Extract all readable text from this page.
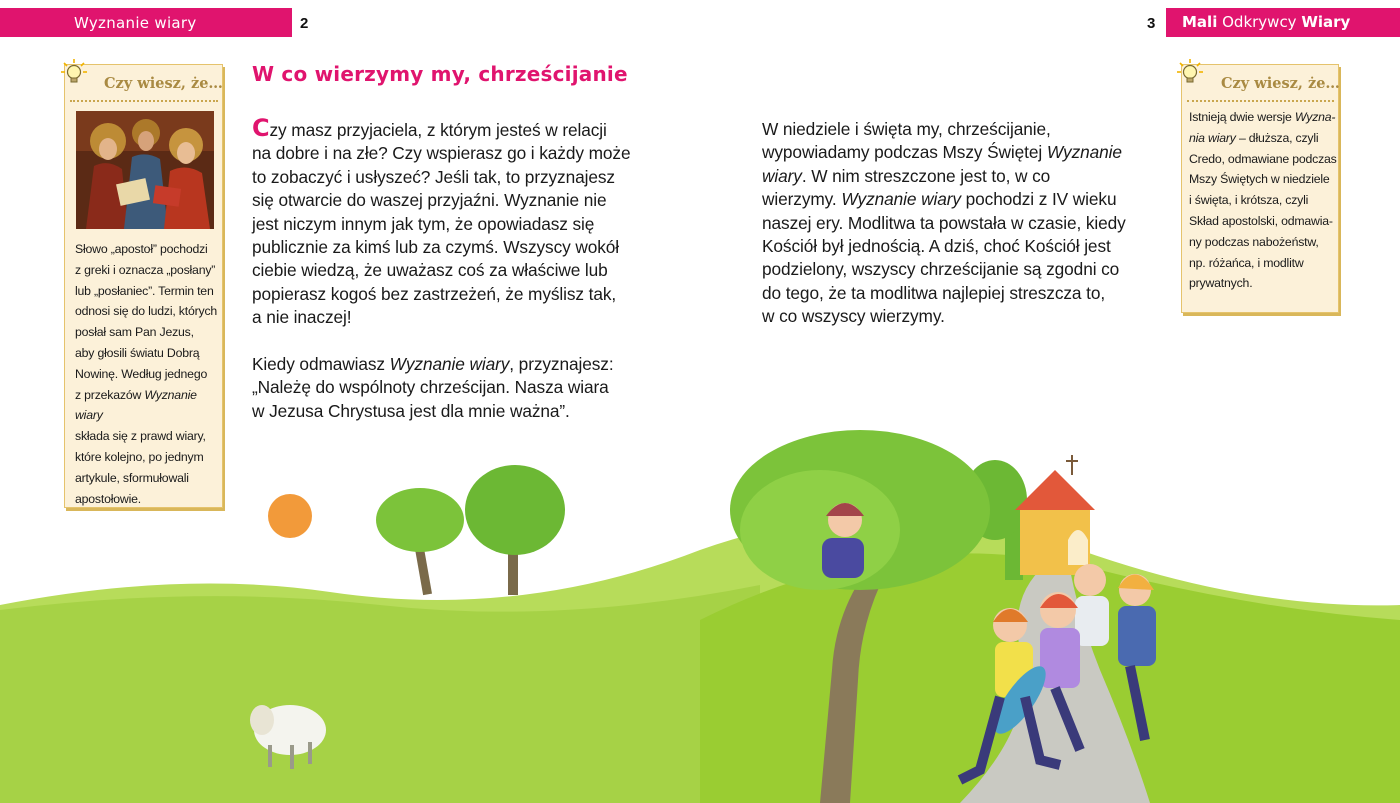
Wyznanie wiary	2	3 Mali Odkrywcy Wiary
Czy wiesz, że…
Słowo „apostoł” pochodzi
z greki i oznacza „posłany”
lub „posłaniec”. Termin ten
odnosi się do ludzi, których
posłał sam Pan Jezus,
aby głosili światu Dobrą
Nowinę. Według jednego
z przekazów Wyznanie wiary
składa się z prawd wiary,
które kolejno, po jednym
artykule, sformułowali
apostołowie.
Czy wiesz, że…
Istnieją dwie wersje Wyzna-
nia wiary – dłuższa, czyli
Credo, odmawiane podczas
Mszy Świętych w niedziele
i święta, i krótsza, czyli
Skład apostolski, odmawia-
ny podczas nabożeństw,
np. różańca, i modlitw
prywatnych.
W co wierzymy my, chrześcijanie

Czy masz przyjaciela, z którym jesteś w relacji
na dobre i na złe? Czy wspierasz go i każdy może
to zobaczyć i usłyszeć? Jeśli tak, to przyznajesz
się otwarcie do waszej przyjaźni. Wyznanie nie
jest niczym innym jak tym, że opowiadasz się
publicznie za kimś lub za czymś. Wszyscy wokół
ciebie wiedzą, że uważasz coś za właściwe lub
popierasz kogoś bez zastrzeżeń, że myślisz tak,
a nie inaczej!

Kiedy odmawiasz Wyznanie wiary, przyznajesz:
„Należę do wspólnoty chrześcijan. Nasza wiara
w Jezusa Chrystusa jest dla mnie ważna”.

W niedziele i święta my, chrześcijanie,
wypowiadamy podczas Mszy Świętej Wyznanie
wiary. W nim streszczone jest to, w co
wierzymy. Wyznanie wiary pochodzi z IV wieku
naszej ery. Modlitwa ta powstała w czasie, kiedy
Kościół był jednością. A dziś, choć Kościół jest
podzielony, wszyscy chrześcijanie są zgodni co
do tego, że ta modlitwa najlepiej streszcza to,
w co wszyscy wierzymy.
